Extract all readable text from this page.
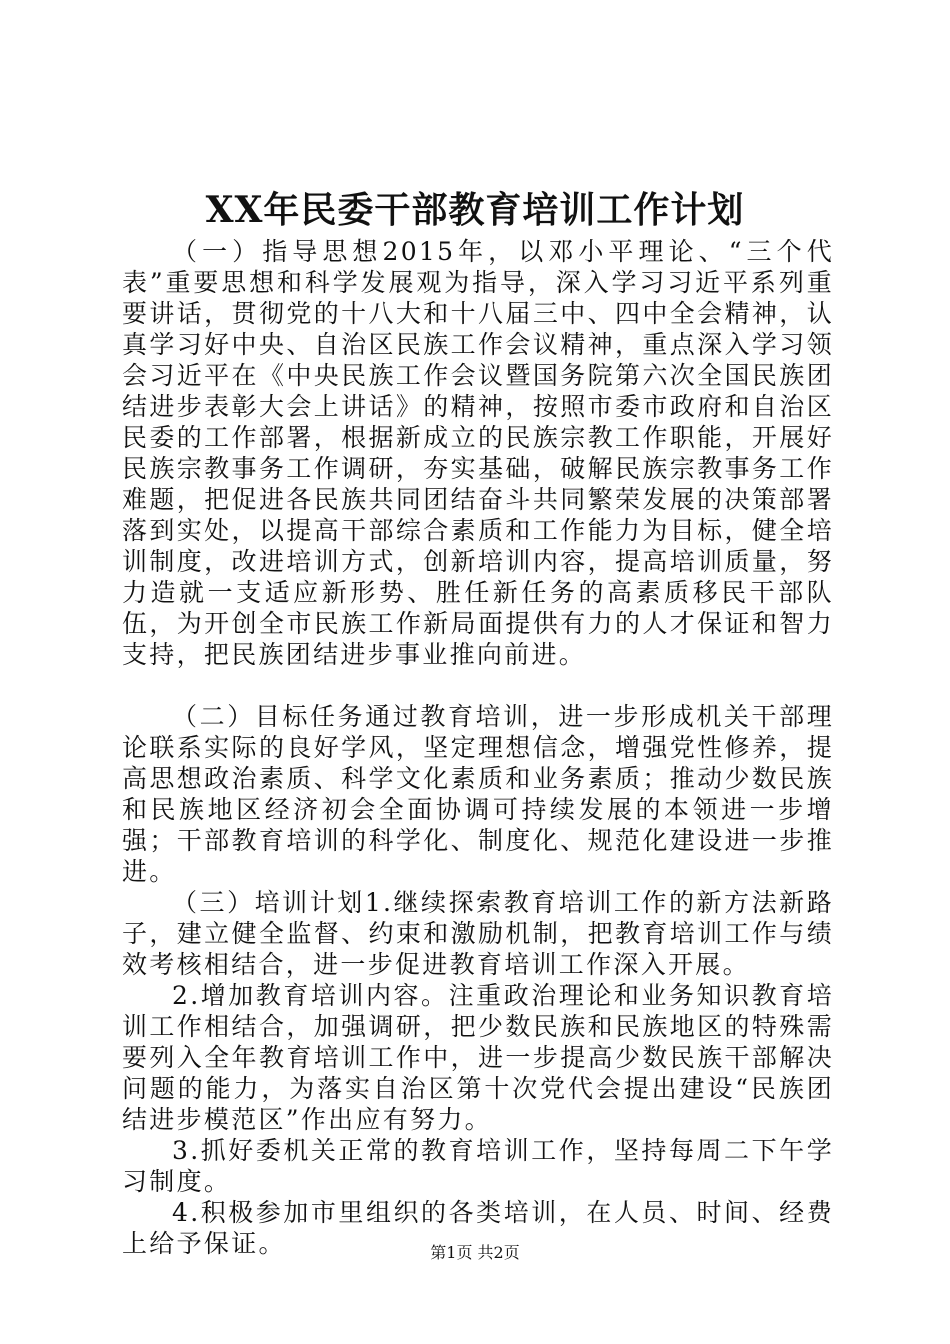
XX年民委干部教育培训工作计划

（一）指导思想2015年，以邓小平理论、“三个代表”重要思想和科学发展观为指导，深入学习习近平系列重要讲话，贯彻党的十八大和十八届三中、四中全会精神，认真学习好中央、自治区民族工作会议精神，重点深入学习领会习近平在《中央民族工作会议暨国务院第六次全国民族团结进步表彰大会上讲话》的精神，按照市委市政府和自治区民委的工作部署，根据新成立的民族宗教工作职能，开展好民族宗教事务工作调研，夯实基础，破解民族宗教事务工作难题，把促进各民族共同团结奋斗共同繁荣发展的决策部署落到实处，以提高干部综合素质和工作能力为目标，健全培训制度，改进培训方式，创新培训内容，提高培训质量，努力造就一支适应新形势、胜任新任务的高素质移民干部队伍，为开创全市民族工作新局面提供有力的人才保证和智力支持，把民族团结进步事业推向前进。

（二）目标任务通过教育培训，进一步形成机关干部理论联系实际的良好学风，坚定理想信念，增强党性修养，提高思想政治素质、科学文化素质和业务素质；推动少数民族和民族地区经济初会全面协调可持续发展的本领进一步增强；干部教育培训的科学化、制度化、规范化建设进一步推进。

（三）培训计划1.继续探索教育培训工作的新方法新路子，建立健全监督、约束和激励机制，把教育培训工作与绩效考核相结合，进一步促进教育培训工作深入开展。

2.增加教育培训内容。注重政治理论和业务知识教育培训工作相结合，加强调研，把少数民族和民族地区的特殊需要列入全年教育培训工作中，进一步提高少数民族干部解决问题的能力，为落实自治区第十次党代会提出建设“民族团结进步模范区”作出应有努力。

3.抓好委机关正常的教育培训工作，坚持每周二下午学习制度。

4.积极参加市里组织的各类培训，在人员、时间、经费上给予保证。	第1页 共2页
